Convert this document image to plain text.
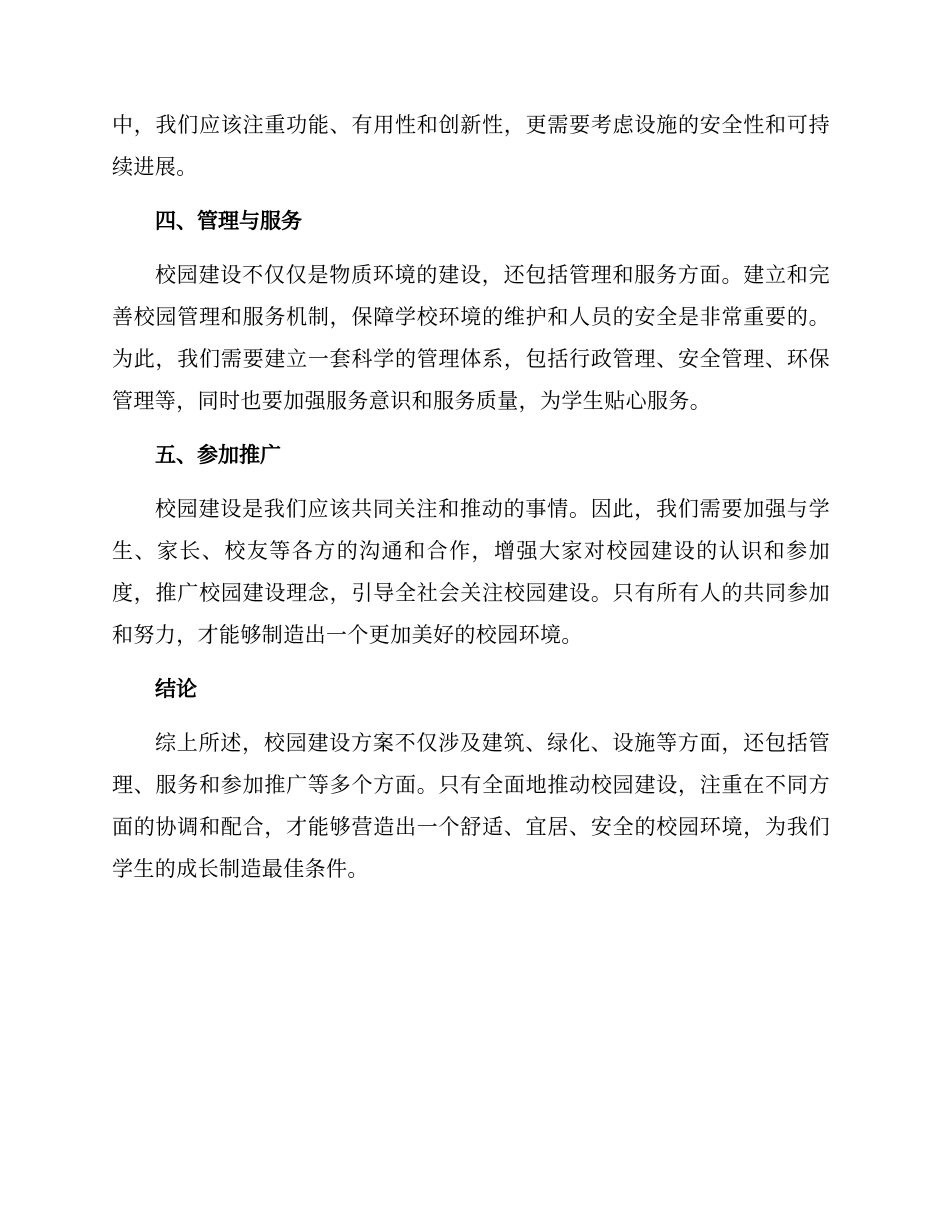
中，我们应该注重功能、有用性和创新性，更需要考虑设施的安全性和可持续进展。

四、管理与服务

校园建设不仅仅是物质环境的建设，还包括管理和服务方面。建立和完善校园管理和服务机制，保障学校环境的维护和人员的安全是非常重要的。为此，我们需要建立一套科学的管理体系，包括行政管理、安全管理、环保管理等，同时也要加强服务意识和服务质量，为学生贴心服务。

五、参加推广

校园建设是我们应该共同关注和推动的事情。因此，我们需要加强与学生、家长、校友等各方的沟通和合作，增强大家对校园建设的认识和参加度，推广校园建设理念，引导全社会关注校园建设。只有所有人的共同参加和努力，才能够制造出一个更加美好的校园环境。

结论

综上所述，校园建设方案不仅涉及建筑、绿化、设施等方面，还包括管理、服务和参加推广等多个方面。只有全面地推动校园建设，注重在不同方面的协调和配合，才能够营造出一个舒适、宜居、安全的校园环境，为我们学生的成长制造最佳条件。
